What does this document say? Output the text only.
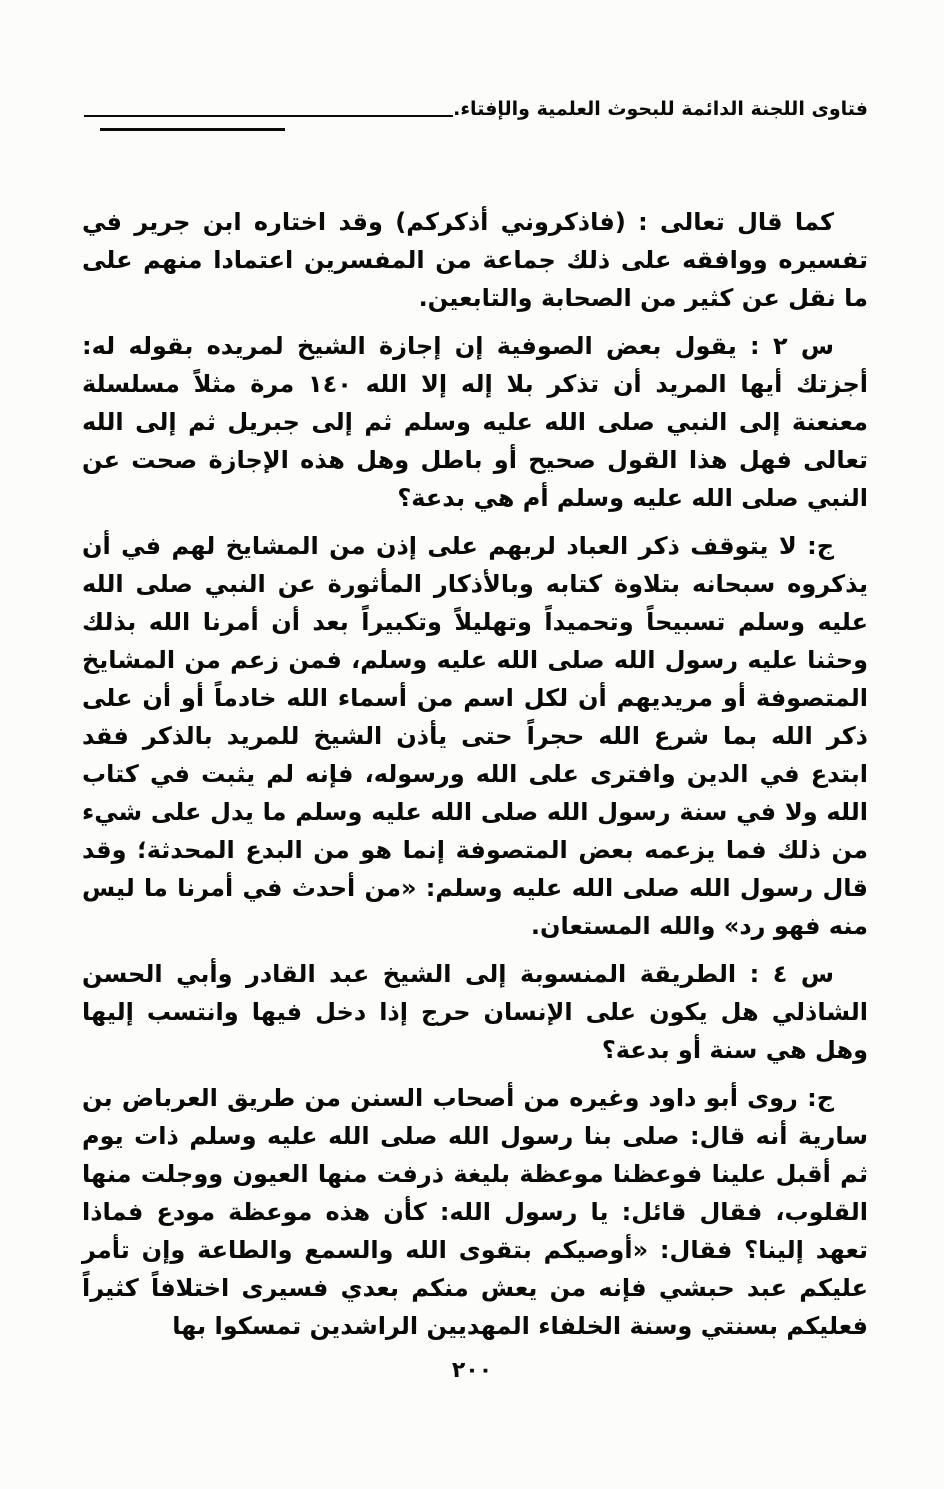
فتاوى اللجنة الدائمة للبحوث العلمية والإفتاء.

كما قال تعالى : (فاذكروني أذكركم) وقد اختاره ابن جرير في تفسيره ووافقه على ذلك جماعة من المفسرين اعتمادا منهم على ما نقل عن كثير من الصحابة والتابعين.

س ٢ : يقول بعض الصوفية إن إجازة الشيخ لمريده بقوله له: أجزتك أيها المريد أن تذكر بلا إله إلا الله ١٤٠ مرة مثلاً مسلسلة معنعنة إلى النبي صلى الله عليه وسلم ثم إلى جبريل ثم إلى الله تعالى فهل هذا القول صحيح أو باطل وهل هذه الإجازة صحت عن النبي صلى الله عليه وسلم أم هي بدعة؟

ج: لا يتوقف ذكر العباد لربهم على إذن من المشايخ لهم في أن يذكروه سبحانه بتلاوة كتابه وبالأذكار المأثورة عن النبي صلى الله عليه وسلم تسبيحاً وتحميداً وتهليلاً وتكبيراً بعد أن أمرنا الله بذلك وحثنا عليه رسول الله صلى الله عليه وسلم، فمن زعم من المشايخ المتصوفة أو مريديهم أن لكل اسم من أسماء الله خادماً أو أن على ذكر الله بما شرع الله حجراً حتى يأذن الشيخ للمريد بالذكر فقد ابتدع في الدين وافترى على الله ورسوله، فإنه لم يثبت في كتاب الله ولا في سنة رسول الله صلى الله عليه وسلم ما يدل على شيء من ذلك فما يزعمه بعض المتصوفة إنما هو من البدع المحدثة؛ وقد قال رسول الله صلى الله عليه وسلم: «من أحدث في أمرنا ما ليس منه فهو رد» والله المستعان.

س ٤ : الطريقة المنسوبة إلى الشيخ عبد القادر وأبي الحسن الشاذلي هل يكون على الإنسان حرج إذا دخل فيها وانتسب إليها وهل هي سنة أو بدعة؟

ج: روى أبو داود وغيره من أصحاب السنن من طريق العرباض بن سارية أنه قال: صلى بنا رسول الله صلى الله عليه وسلم ذات يوم ثم أقبل علينا فوعظنا موعظة بليغة ذرفت منها العيون ووجلت منها القلوب، فقال قائل: يا رسول الله: كأن هذه موعظة مودع فماذا تعهد إلينا؟ فقال: «أوصيكم بتقوى الله والسمع والطاعة وإن تأمر عليكم عبد حبشي فإنه من يعش منكم بعدي فسيرى اختلافاً كثيراً فعليكم بسنتي وسنة الخلفاء المهديين الراشدين تمسكوا بها

٢٠٠
